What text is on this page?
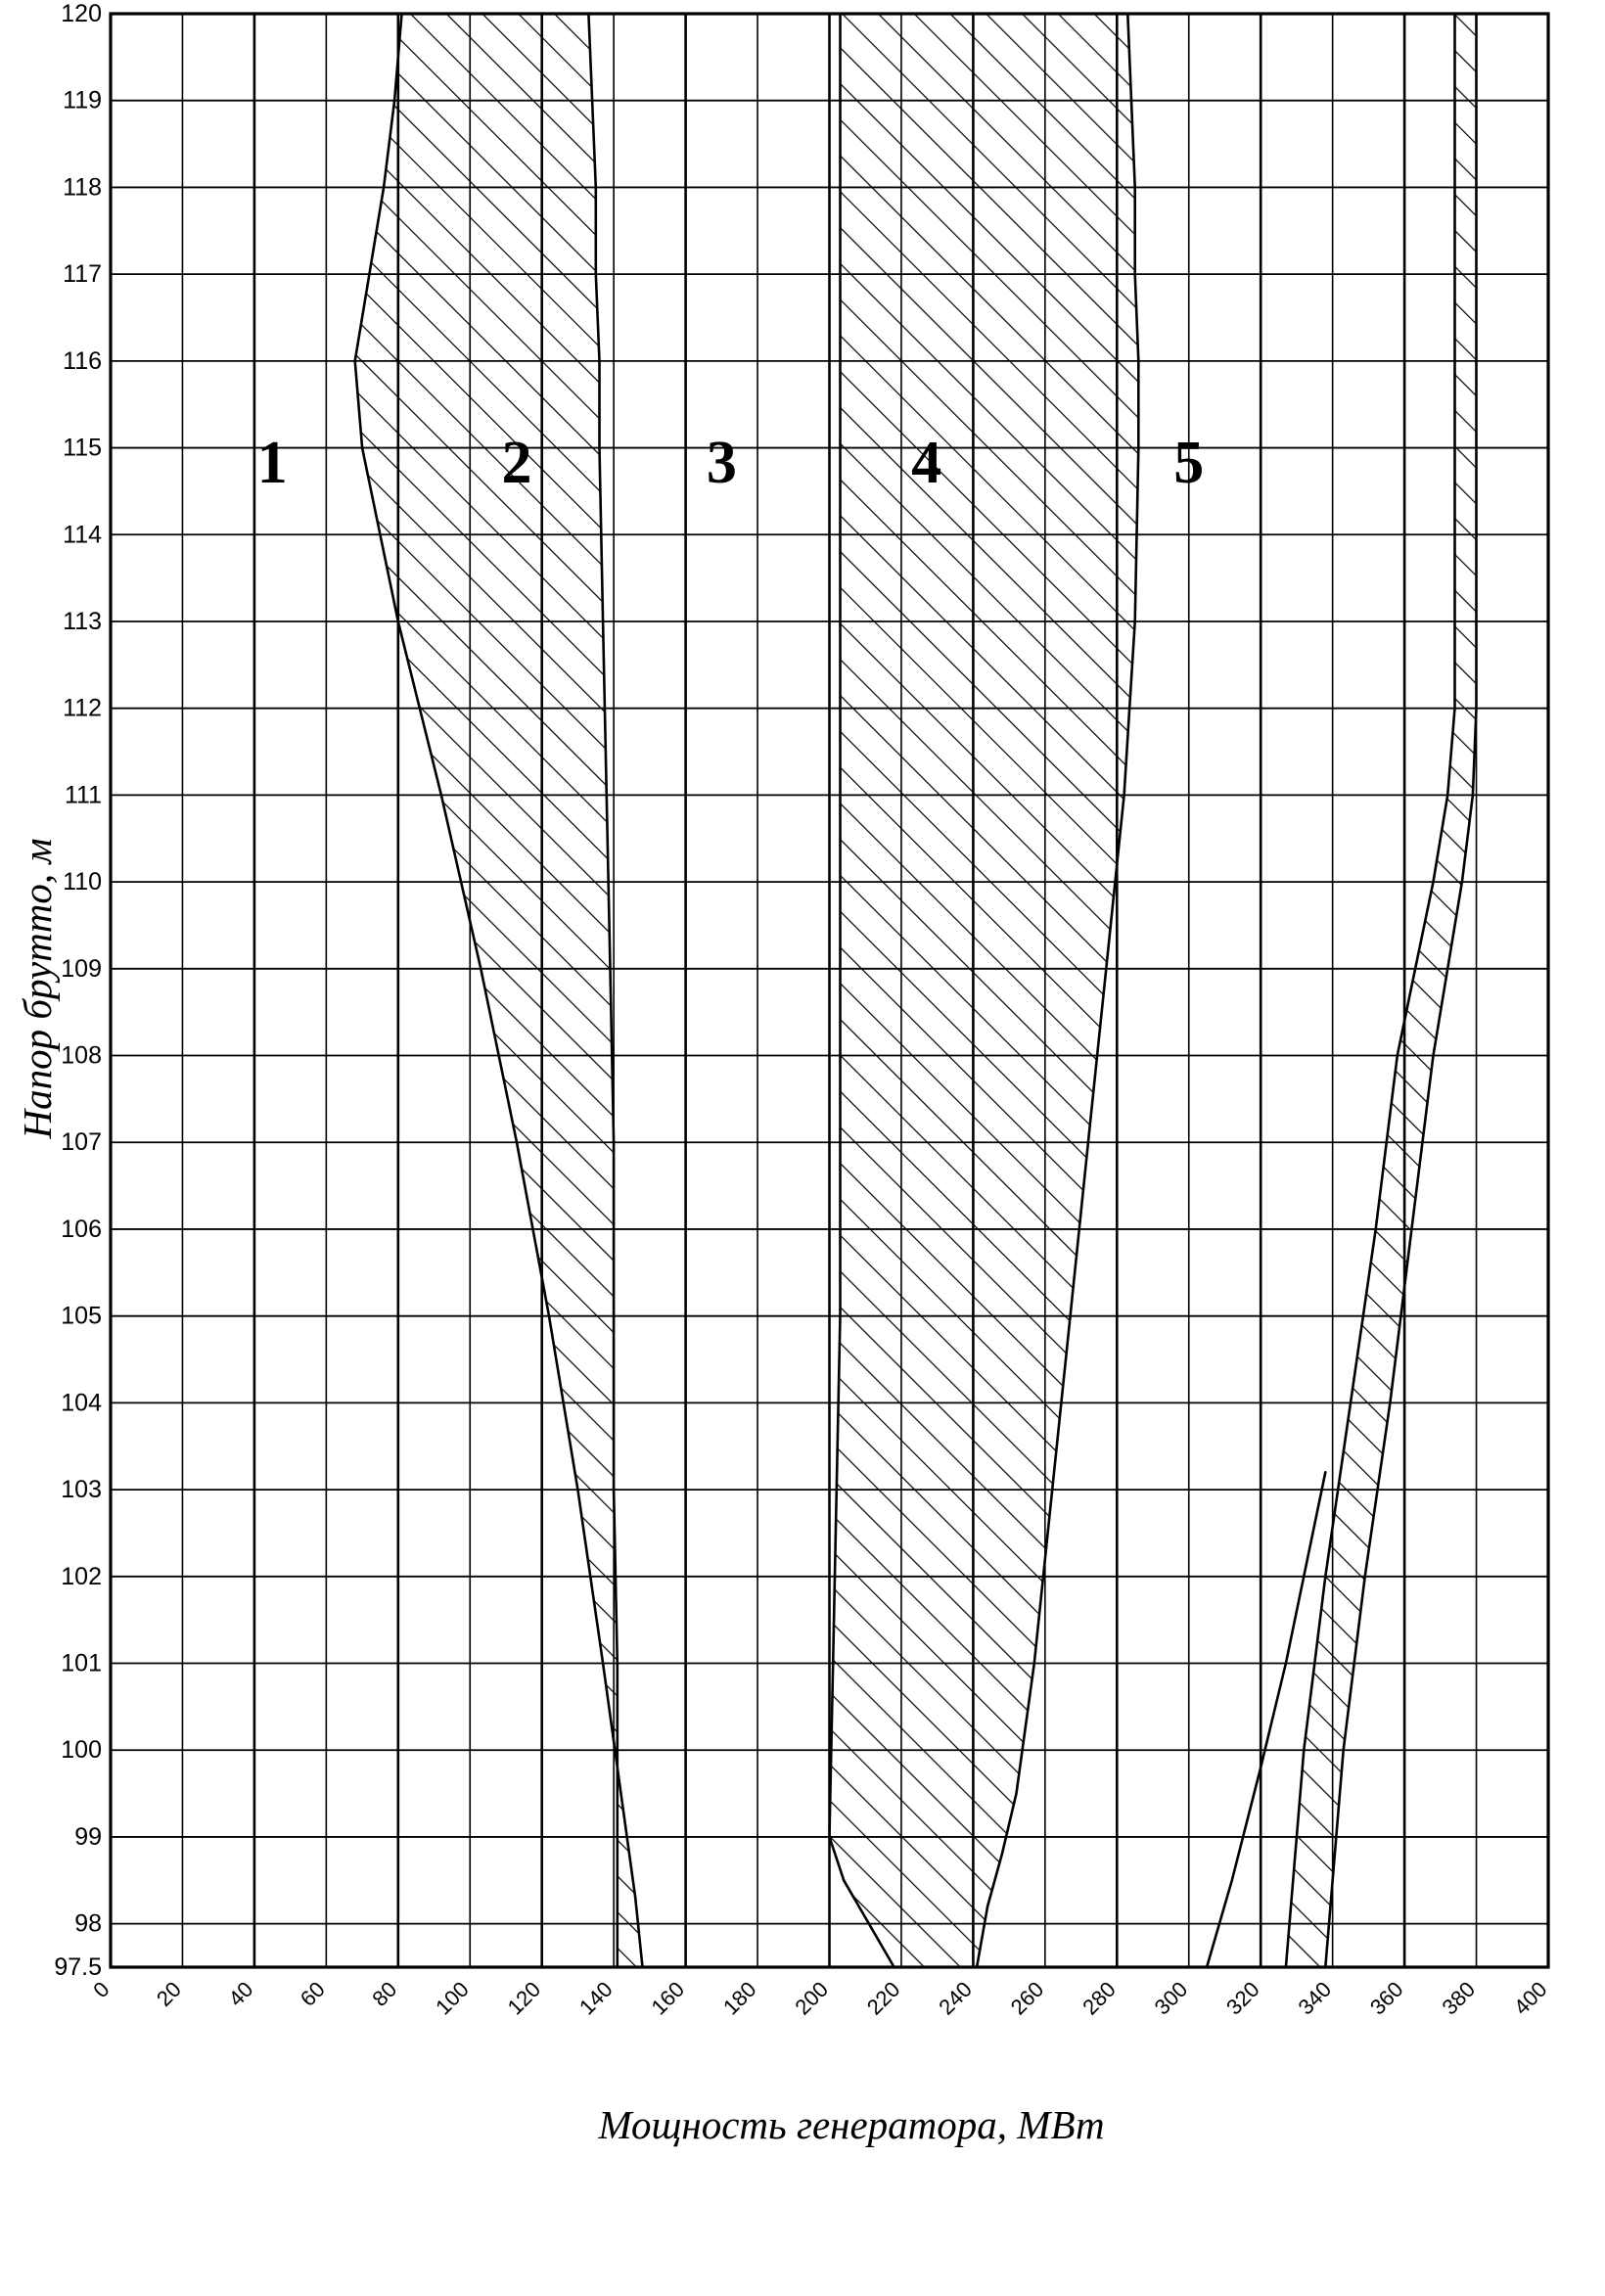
97.5
98
99
100
101
102
103
104
105
106
107
108
109
110
111
112
113
114
115
116
117
118
119
120
0 20 40 60 80 100 120 140 160 180 200 220 240 260 280 300 320 340 360 380 400
1	2	3	4	5
Напор брутто, м
Мощность генератора, МВт
